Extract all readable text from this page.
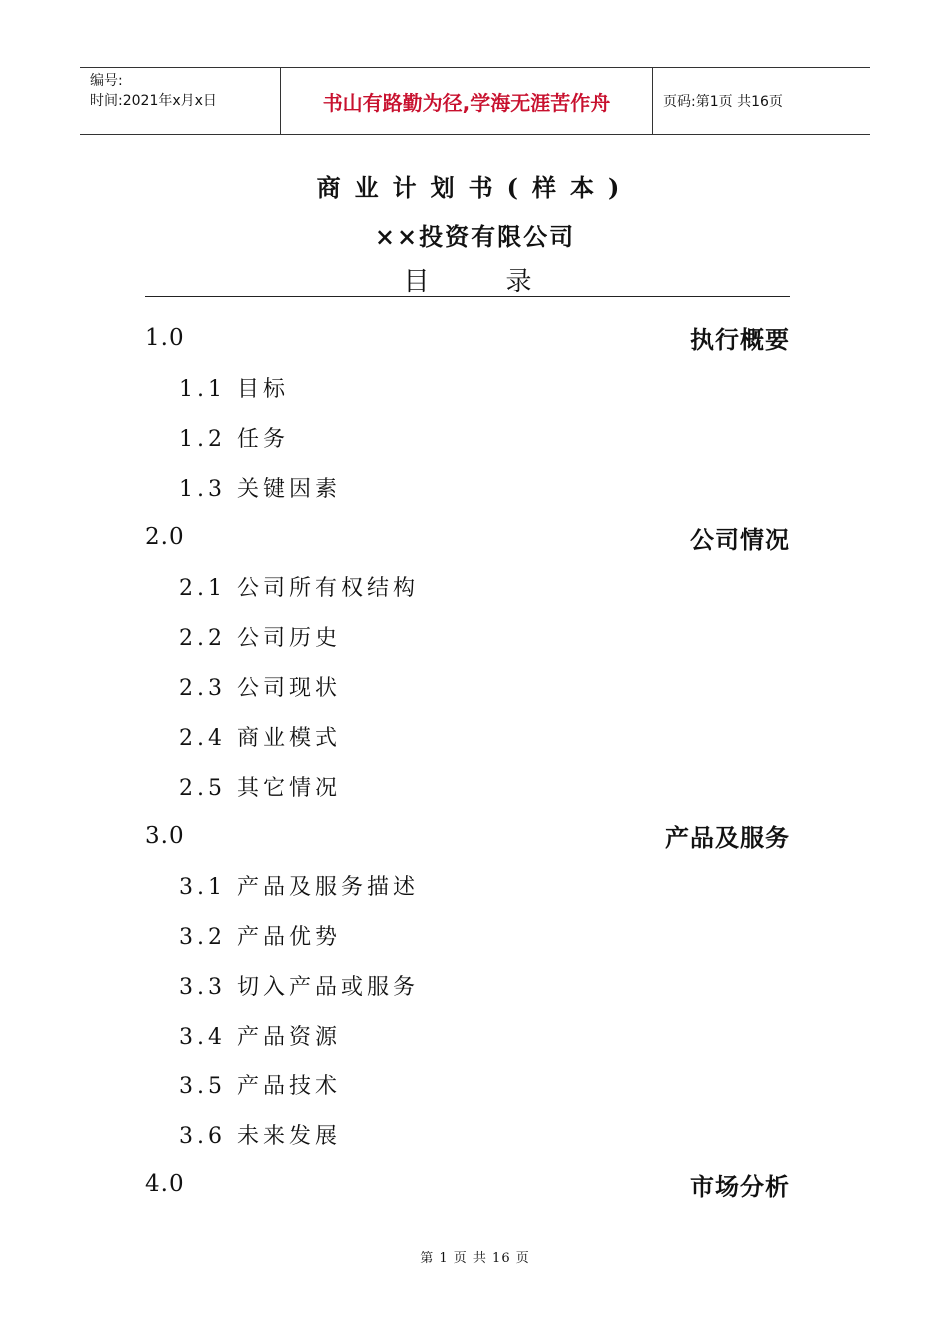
编号:
时间:2021年x月x日	书山有路勤为径,学海无涯苦作舟	页码:第1页 共16页
商业计划书(样本)
××投资有限公司
目录
1.0	执行概要
1.1 目标
1.2 任务
1.3 关键因素
2.0	公司情况
2.1 公司所有权结构
2.2 公司历史
2.3 公司现状
2.4 商业模式
2.5 其它情况
3.0	产品及服务
3.1 产品及服务描述
3.2 产品优势
3.3 切入产品或服务
3.4 产品资源
3.5 产品技术
3.6 未来发展
4.0	市场分析
第 1 页 共 16 页
